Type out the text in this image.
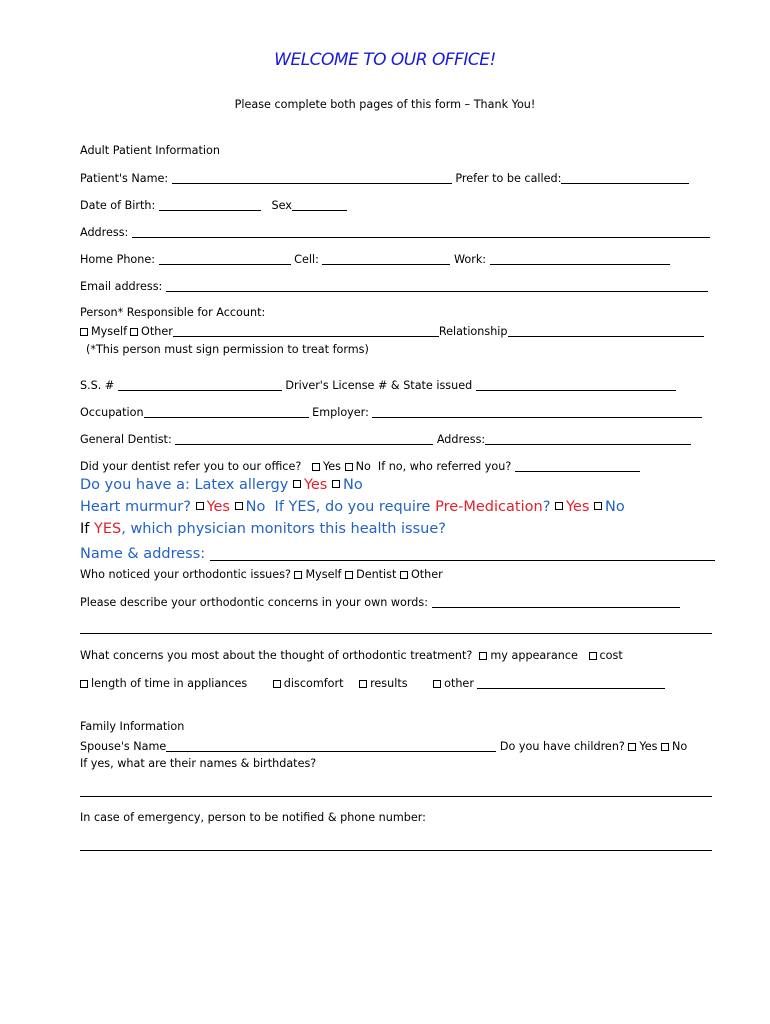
WELCOME TO OUR OFFICE!
Please complete both pages of this form – Thank You!
Adult Patient Information
Patient's Name:	Prefer to be called:
Date of Birth:	Sex
Address:
Home Phone:	Cell:	Work:
Email address:
Person* Responsible for Account:
Myself Other	Relationship
(*This person must sign permission to treat forms)
S.S. #	Driver's License # & State issued
Occupation	Employer:
General Dentist:	Address:
Did your dentist refer you to our office? Yes No If no, who referred you?
Do you have a: Latex allergy Yes No
Heart murmur? Yes No If YES, do you require Pre-Medication? Yes No
If YES, which physician monitors this health issue?
Name & address:
Who noticed your orthodontic issues? Myself Dentist Other
Please describe your orthodontic concerns in your own words:
What concerns you most about the thought of orthodontic treatment? my appearance cost
length of time in appliances	discomfort results	other
Family Information
Spouse's Name	Do you have children? Yes No
If yes, what are their names & birthdates?
In case of emergency, person to be notified & phone number:
